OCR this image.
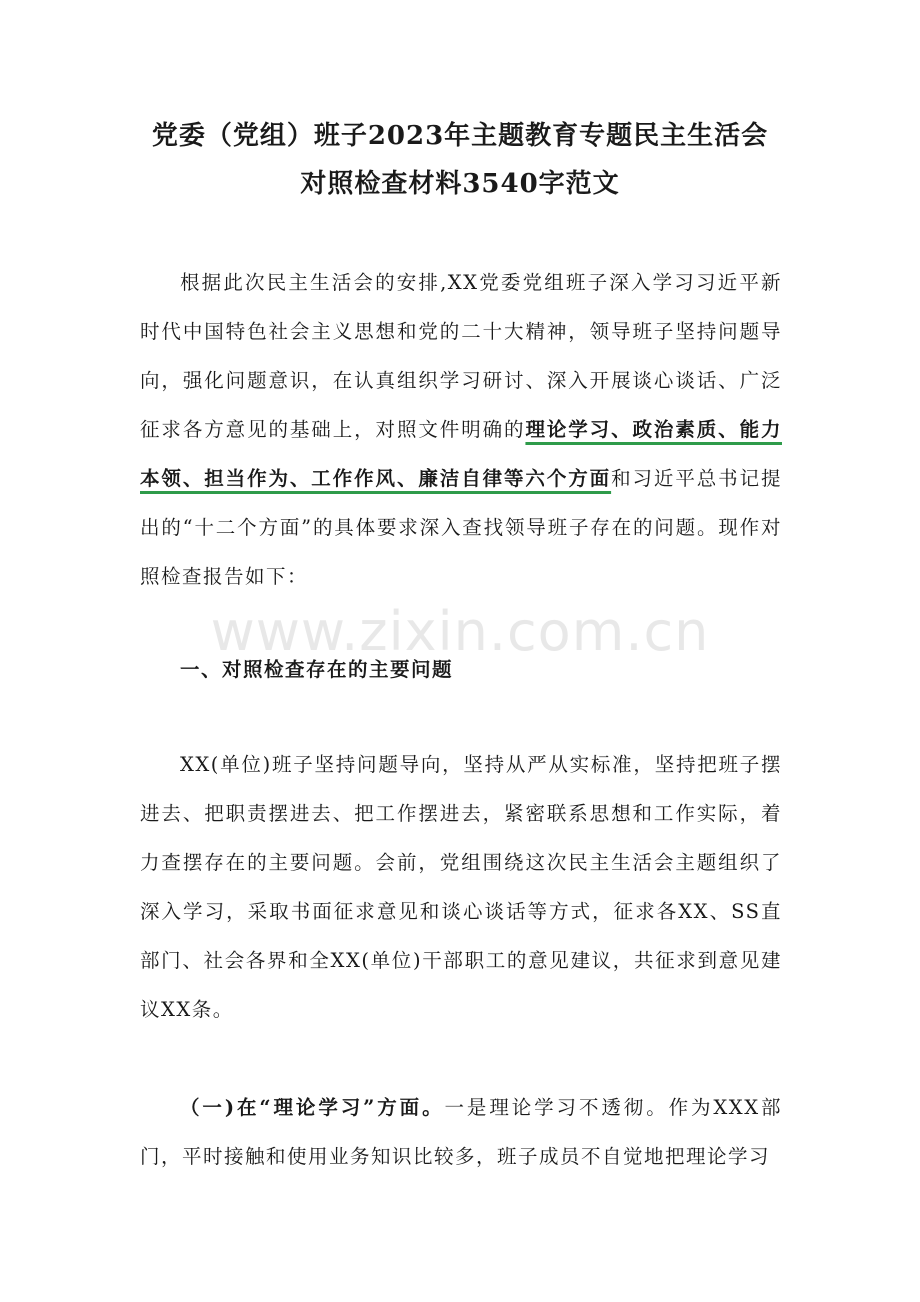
党委（党组）班子2023年主题教育专题民主生活会
对照检查材料3540字范文

根据此次民主生活会的安排,XX党委党组班子深入学习习近平新时代中国特色社会主义思想和党的二十大精神，领导班子坚持问题导向，强化问题意识，在认真组织学习研讨、深入开展谈心谈话、广泛征求各方意见的基础上，对照文件明确的理论学习、政治素质、能力本领、担当作为、工作作风、廉洁自律等六个方面和习近平总书记提出的“十二个方面”的具体要求深入查找领导班子存在的问题。现作对照检查报告如下：

www.zixin.com.cn
一、对照检查存在的主要问题

XX(单位)班子坚持问题导向，坚持从严从实标准，坚持把班子摆进去、把职责摆进去、把工作摆进去，紧密联系思想和工作实际，着力查摆存在的主要问题。会前，党组围绕这次民主生活会主题组织了深入学习，采取书面征求意见和谈心谈话等方式，征求各XX、SS直部门、社会各界和全XX(单位)干部职工的意见建议，共征求到意见建议XX条。

（一)在“理论学习”方面。一是理论学习不透彻。作为XXX部门，平时接触和使用业务知识比较多，班子成员不自觉地把理论学习
